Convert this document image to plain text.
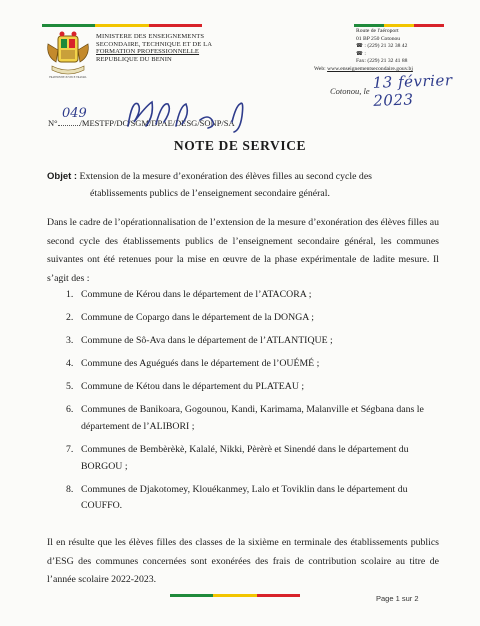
FRATERNITE JUSTICE TRAVAIL
MINISTERE DES ENSEIGNEMENTS
SECONDAIRE, TECHNIQUE ET DE LA
FORMATION PROFESSIONNELLE
REPUBLIQUE DU BENIN
Route de l'aéroport
01 BP 250 Cotonou
☎ : (229) 21 32 38 42
☎ :
Fax: (229) 21 32 41 88
Web: www.enseignementsecondaire.gouv.bj
Cotonou, le 13 février 2023
N°	/MESTFP/DC/SGM/DPAE/DESG/SONP/SA
049
NOTE DE SERVICE
Objet : Extension de la mesure d’exonération des élèves filles au second cycle des
établissements publics de l’enseignement secondaire général.
Dans le cadre de l’opérationnalisation de l’extension de la mesure d’exonération des élèves filles au second cycle des établissements publics de l’enseignement secondaire général, les communes suivantes ont été retenues pour la mise en œuvre de la phase expérimentale de ladite mesure. Il s’agit des :
1. Commune de Kérou dans le département de l’ATACORA ;
2. Commune de Copargo dans le département de la DONGA ;
3. Commune de Sô-Ava dans le département de l’ATLANTIQUE ;
4. Commune des Aguégués dans le département de l’OUÉMÉ ;
5. Commune de Kétou dans le département du PLATEAU ;
6. Communes de Banikoara, Gogounou, Kandi, Karimama, Malanville et Ségbana dans le département de l’ALIBORI ;
7. Communes de Bembèrèkè, Kalalé, Nikki, Pèrèrè et Sinendé dans le département du BORGOU ;
8. Communes de Djakotomey, Klouékanmey, Lalo et Toviklin dans le département du COUFFO.
Il en résulte que les élèves filles des classes de la sixième en terminale des établissements publics d’ESG des communes concernées sont exonérées des frais de contribution scolaire au titre de l’année scolaire 2022-2023.
Page 1 sur 2
